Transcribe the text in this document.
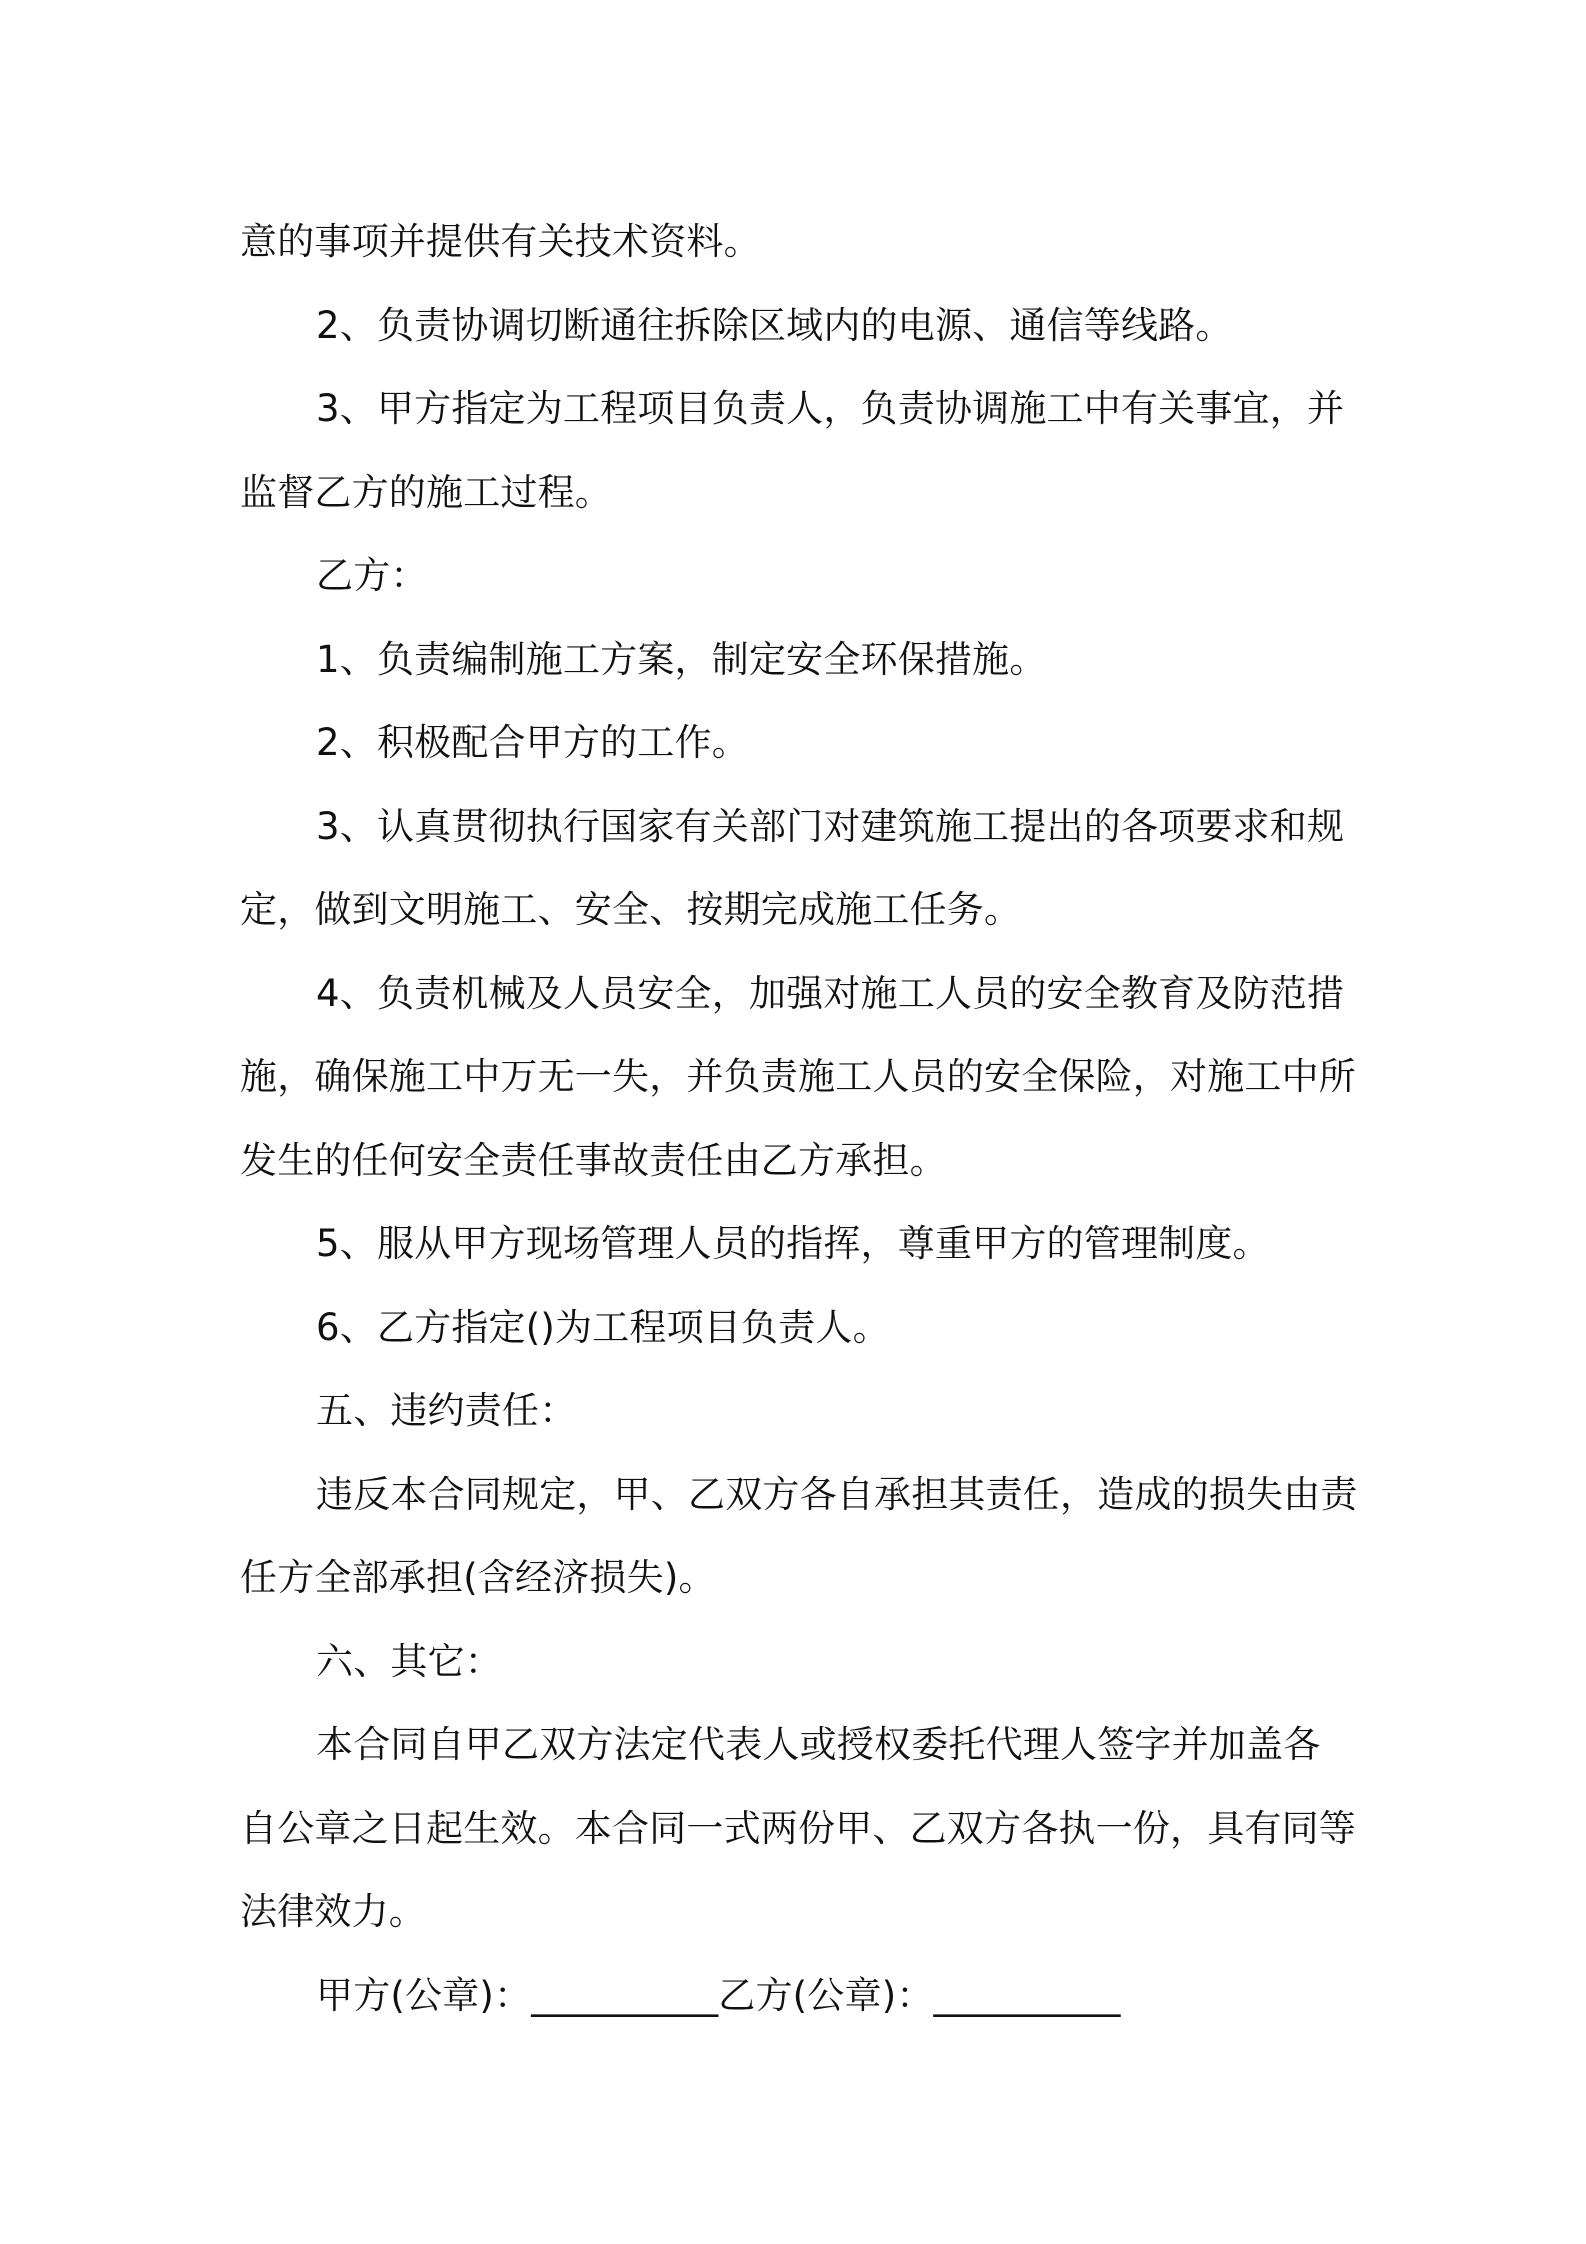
意的事项并提供有关技术资料。
2、负责协调切断通往拆除区域内的电源、通信等线路。
3、甲方指定为工程项目负责人，负责协调施工中有关事宜，并
监督乙方的施工过程。
乙方：
1、负责编制施工方案，制定安全环保措施。
2、积极配合甲方的工作。
3、认真贯彻执行国家有关部门对建筑施工提出的各项要求和规
定，做到文明施工、安全、按期完成施工任务。
4、负责机械及人员安全，加强对施工人员的安全教育及防范措
施，确保施工中万无一失，并负责施工人员的安全保险，对施工中所
发生的任何安全责任事故责任由乙方承担。
5、服从甲方现场管理人员的指挥，尊重甲方的管理制度。
6、乙方指定()为工程项目负责人。
五、违约责任：
违反本合同规定，甲、乙双方各自承担其责任，造成的损失由责
任方全部承担(含经济损失)。
六、其它：
本合同自甲乙双方法定代表人或授权委托代理人签字并加盖各
自公章之日起生效。本合同一式两份甲、乙双方各执一份，具有同等
法律效力。
甲方(公章)：__________乙方(公章)：__________
